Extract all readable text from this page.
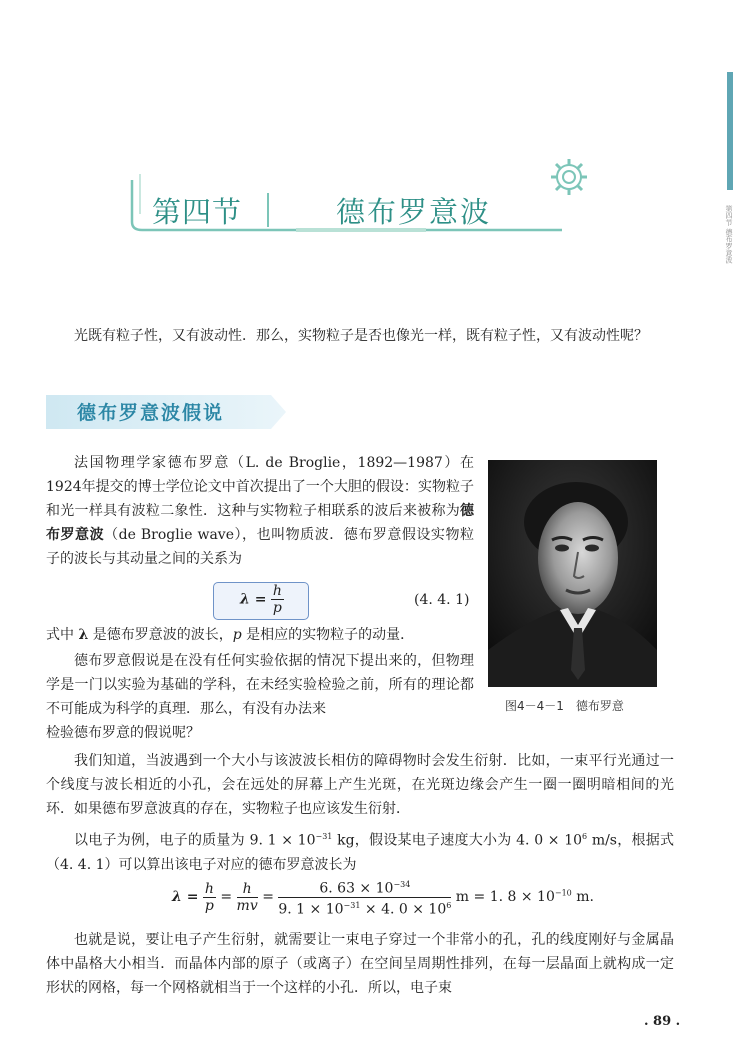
第四节 德布罗意波
第四节	德布罗意波

光既有粒子性，又有波动性．那么，实物粒子是否也像光一样，既有粒子性，又有波动性呢？

德布罗意波假说

法国物理学家德布罗意（L. de Broglie，1892—1987）在1924年提交的博士学位论文中首次提出了一个大胆的假设：实物粒子和光一样具有波粒二象性．这种与实物粒子相联系的波后来被称为德布罗意波（de Broglie wave），也叫物质波．德布罗意假设实物粒子的波长与其动量之间的关系为

$\lambda = \frac{h}{p}$	(4. 4. 1)

式中 λ 是德布罗意波的波长，p 是相应的实物粒子的动量．

德布罗意假说是在没有任何实验依据的情况下提出来的，但物理学是一门以实验为基础的学科，在未经实验检验之前，所有的理论都不可能成为科学的真理．那么，有没有办法来

检验德布罗意的假说呢？

图4－4－1　德布罗意

我们知道，当波遇到一个大小与该波波长相仿的障碍物时会发生衍射．比如，一束平行光通过一个线度与波长相近的小孔，会在远处的屏幕上产生光斑，在光斑边缘会产生一圈一圈明暗相间的光环．如果德布罗意波真的存在，实物粒子也应该发生衍射．

以电子为例，电子的质量为 9. $1 \times 10^{-31}$ kg，假设某电子速度大小为 4. $0 \times 10^6$ m/s，根据式（4. 4. 1）可以算出该电子对应的德布罗意波长为

$\lambda = \frac{h}{p} = \frac{h}{mv} = \frac{6. 63 \times 10^{-34}}{9. 1 \times 10^{-31} \times 4. 0 \times 10^6}$ m = 1. $8 \times 10^{-10}$ m.

也就是说，要让电子产生衍射，就需要让一束电子穿过一个非常小的孔，孔的线度刚好与金属晶体中晶格大小相当．而晶体内部的原子（或离子）在空间呈周期性排列，在每一层晶面上就构成一定形状的网格，每一个网格就相当于一个这样的小孔．所以，电子束

. 89 .
